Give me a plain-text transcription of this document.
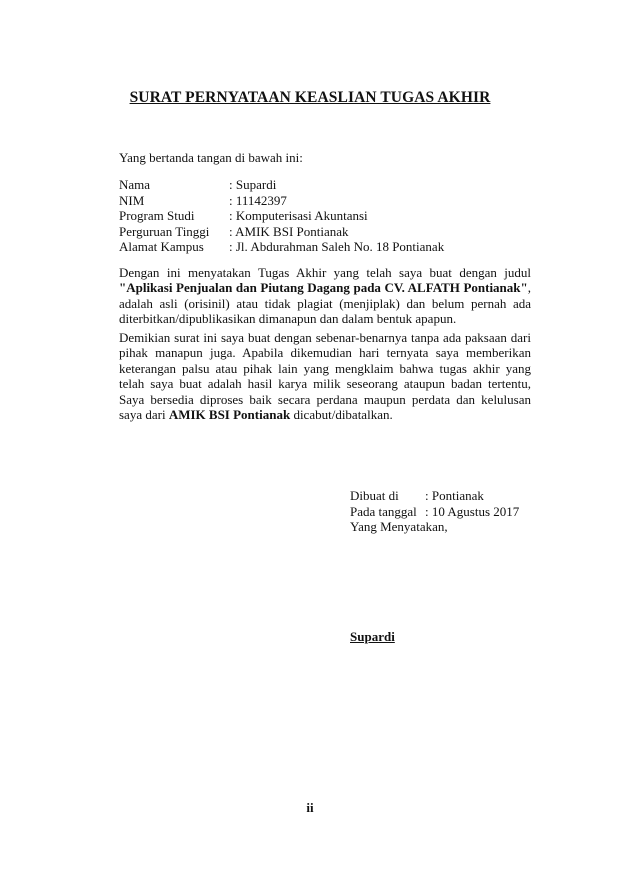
SURAT PERNYATAAN KEASLIAN TUGAS AKHIR
Yang bertanda tangan di bawah ini:
Nama	: Supardi
NIM	: 11142397
Program Studi	: Komputerisasi Akuntansi
Perguruan Tinggi	: AMIK BSI Pontianak
Alamat Kampus	: Jl. Abdurahman Saleh No. 18 Pontianak

Dengan ini menyatakan Tugas Akhir yang telah saya buat dengan judul "Aplikasi Penjualan dan Piutang Dagang pada CV. ALFATH Pontianak", adalah asli (orisinil) atau tidak plagiat (menjiplak) dan belum pernah ada diterbitkan/dipublikasikan dimanapun dan dalam bentuk apapun.

Demikian surat ini saya buat dengan sebenar-benarnya tanpa ada paksaan dari pihak manapun juga. Apabila dikemudian hari ternyata saya memberikan keterangan palsu atau pihak lain yang mengklaim bahwa tugas akhir yang telah saya buat adalah hasil karya milik seseorang ataupun badan tertentu, Saya bersedia diproses baik secara perdana maupun perdata dan kelulusan saya dari AMIK BSI Pontianak dicabut/dibatalkan.

Dibuat di	: Pontianak
Pada tanggal : 10 Agustus 2017
Yang Menyatakan,
Supardi
ii
